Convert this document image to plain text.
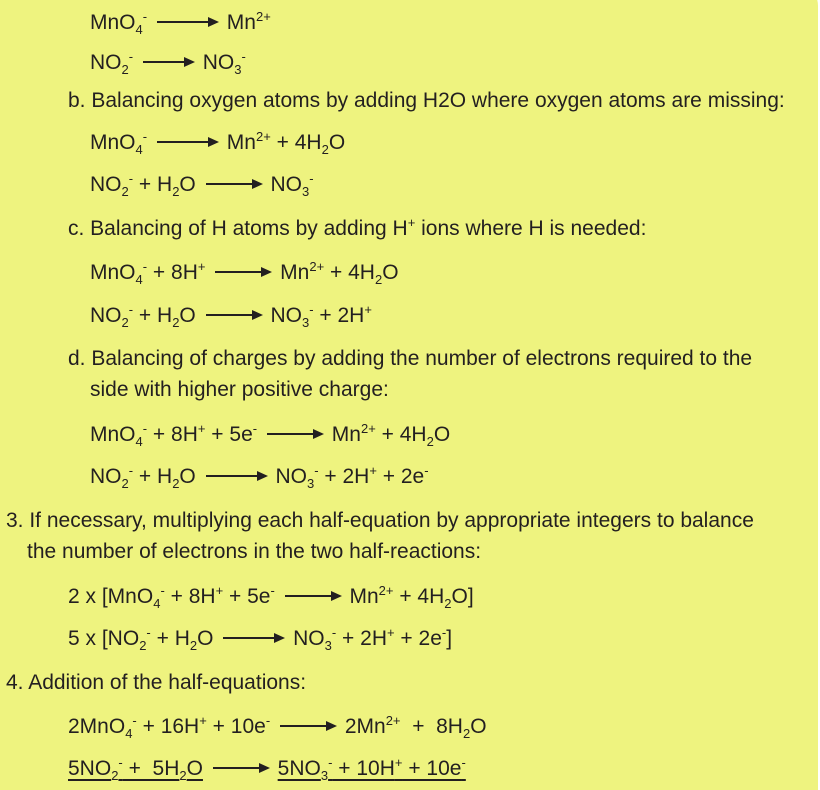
$MnO_4^- \to Mn^{2+}$
$NO_2^- \to NO_3^-$
b. Balancing oxygen atoms by adding H2O where oxygen atoms are missing:
$MnO_4^- \to Mn^{2+} + 4H_2O$
$NO_2^- + H_2O \to NO_3^-$
c. Balancing of H atoms by adding H+ ions where H is needed:
$MnO_4^- + 8H^+ \to Mn^{2+} + 4H_2O$
$NO_2^- + H_2O \to NO_3^- + 2H^+$
d. Balancing of charges by adding the number of electrons required to the
side with higher positive charge:
$MnO_4^- + 8H^+ + 5e^- \to Mn^{2+} + 4H_2O$
$NO_2^- + H_2O \to NO_3^- + 2H^+ + 2e^-$
3. If necessary, multiplying each half-equation by appropriate integers to balance
the number of electrons in the two half-reactions:
2 x $[MnO_4^- + 8H^+ + 5e^- \to Mn^{2+} + 4H_2O]$
5 x $[NO_2^- + H_2O \to NO_3^- + 2H^+ + 2e^-]$
4. Addition of the half-equations:
$2MnO_4^- + 16H^+ + 10e^- \to 2Mn^{2+} + 8H_2O$
$5NO_2^- + 5H_2O \to 5NO_3^- + 10H^+ + 10e^-$
